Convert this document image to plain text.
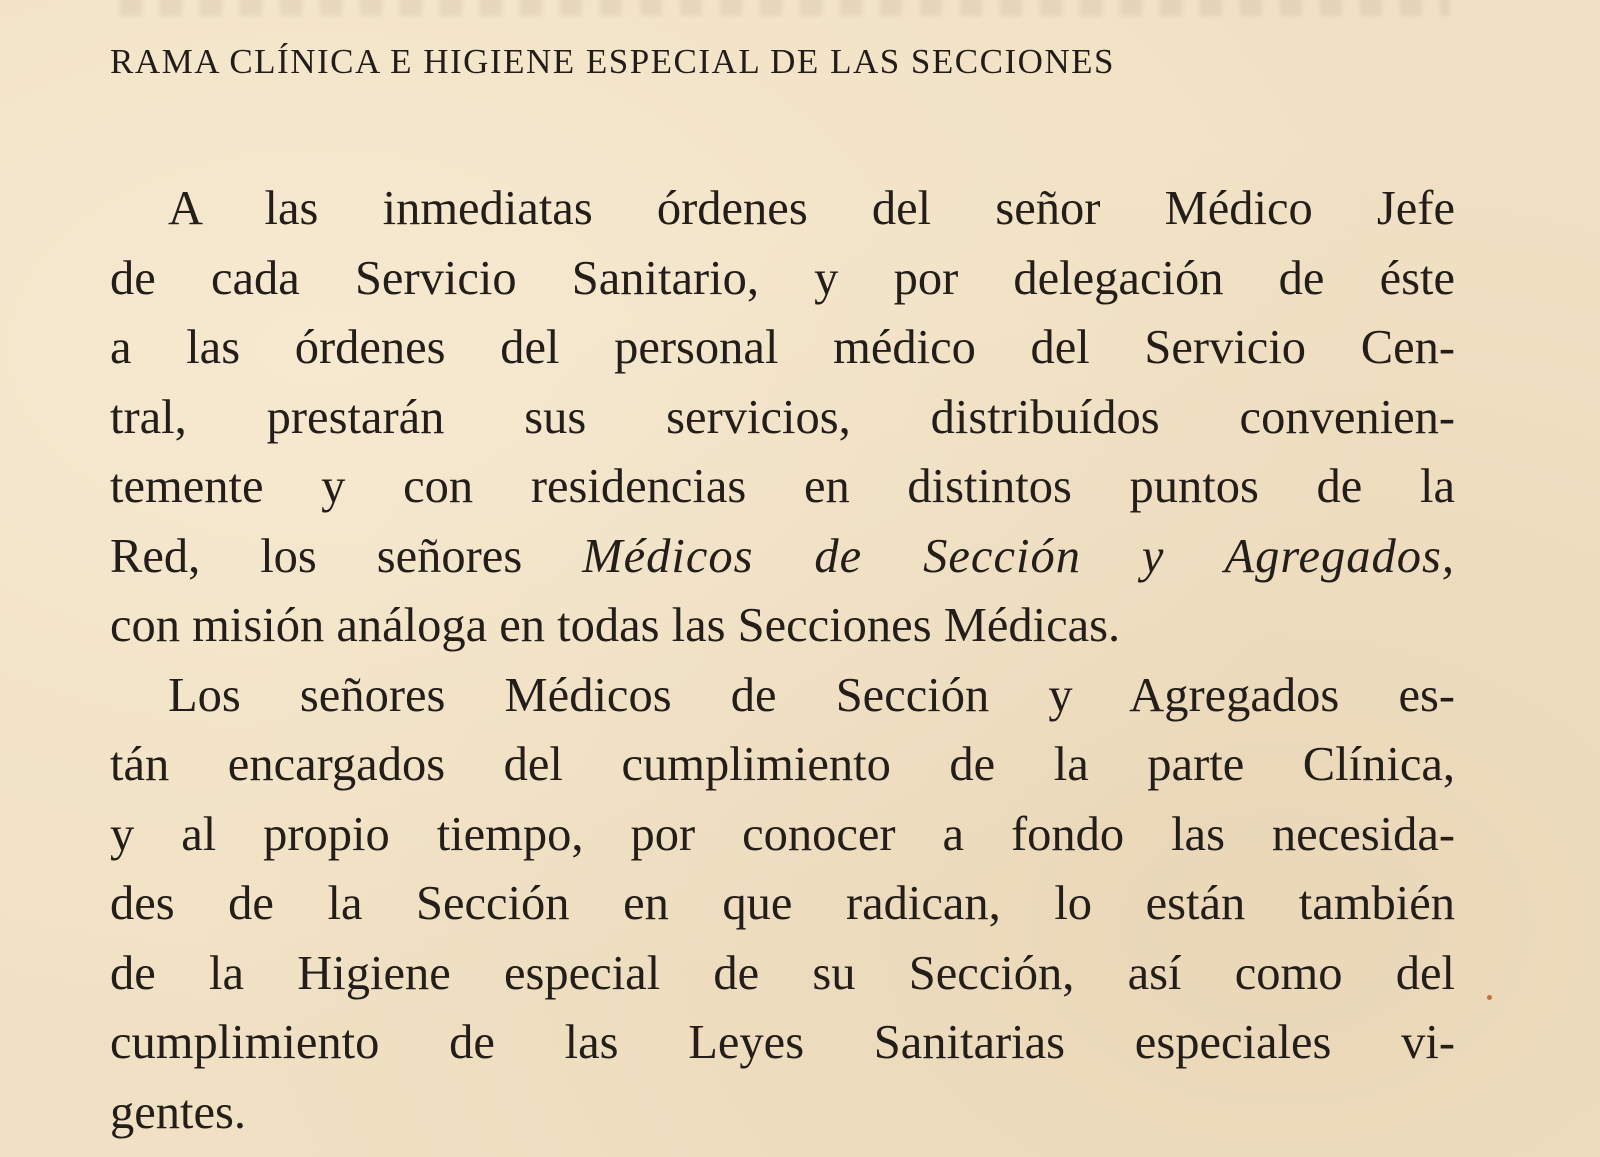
RAMA CLÍNICA E HIGIENE ESPECIAL DE LAS SECCIONES
A las inmediatas órdenes del señor Médico Jefe
de cada Servicio Sanitario, y por delegación de éste
a las órdenes del personal médico del Servicio Cen-
tral, prestarán sus servicios, distribuídos convenien-
temente y con residencias en distintos puntos de la
Red, los señores Médicos de Sección y Agregados,
con misión análoga en todas las Secciones Médicas.
Los señores Médicos de Sección y Agregados es-
tán encargados del cumplimiento de la parte Clínica,
y al propio tiempo, por conocer a fondo las necesida-
des de la Sección en que radican, lo están también
de la Higiene especial de su Sección, así como del
cumplimiento de las Leyes Sanitarias especiales vi-
gentes.
